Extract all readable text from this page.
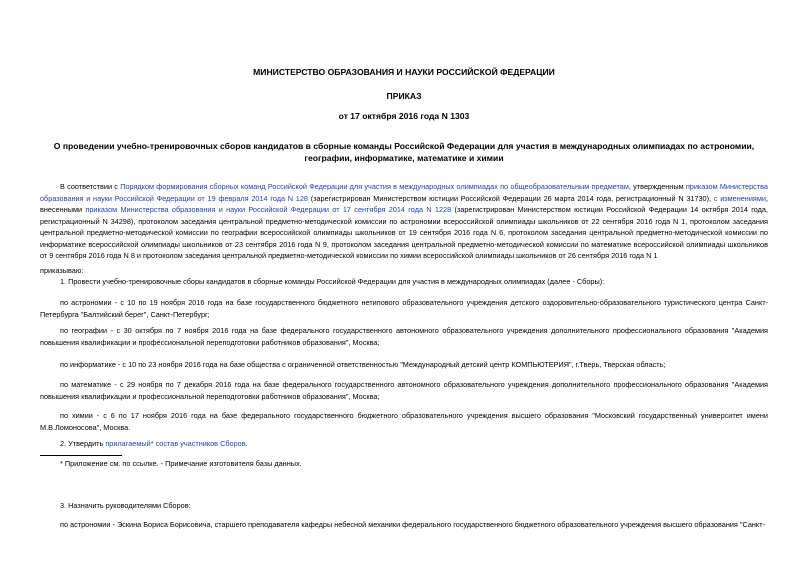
МИНИСТЕРСТВО ОБРАЗОВАНИЯ И НАУКИ РОССИЙСКОЙ ФЕДЕРАЦИИ
ПРИКАЗ
от 17 октября 2016 года N 1303
О проведении учебно-тренировочных сборов кандидатов в сборные команды Российской Федерации для участия в международных олимпиадах по астрономии, географии, информатике, математике и химии
В соответствии с Порядком формирования сборных команд Российской Федерации для участия в международных олимпиадах по общеобразовательным предметам, утвержденным приказом Министерства образования и науки Российской Федерации от 19 февраля 2014 года N 128 (зарегистрирован Министерством юстиции Российской Федерации 26 марта 2014 года, регистрационный N 31730), с изменениями, внесенными приказом Министерства образования и науки Российской Федерации от 17 сентября 2014 года N 1228 (зарегистрирован Министерством юстиции Российской Федерации 14 октября 2014 года, регистрационный N 34298), протоколом заседания центральной предметно-методической комиссии по астрономии всероссийской олимпиады школьников от 22 сентября 2016 года N 1, протоколом заседания центральной предметно-методической комиссии по географии всероссийской олимпиады школьников от 19 сентября 2016 года N 6, протоколом заседания центральной предметно-методической комиссии по информатике всероссийской олимпиады школьников от 23 сентября 2016 года N 9, протоколом заседания центральной предметно-методической комиссии по математике всероссийской олимпиады школьников от 9 сентября 2016 года N 8 и протоколом заседания центральной предметно-методической комиссии по химии всероссийской олимпиады школьников от 26 сентября 2016 года N 1
приказываю:
1. Провести учебно-тренировочные сборы кандидатов в сборные команды Российской Федерации для участия в международных олимпиадах (далее - Сборы):
по астрономии - с 10 по 19 ноября 2016 года на базе государственного бюджетного нетипового образовательного учреждения детского оздоровительно-образовательного туристического центра Санкт-Петербурга "Балтийский берег", Санкт-Петербург;
по географии - с 30 октября по 7 ноября 2016 года на базе федерального государственного автономного образовательного учреждения дополнительного профессионального образования "Академия повышения квалификации и профессиональной переподготовки работников образования", Москва;
по информатике - с 10 по 23 ноября 2016 года на базе общества с ограниченной ответственностью "Международный детский центр КОМПЬЮТЕРИЯ", г.Тверь, Тверская область;
по математике - с 29 ноября по 7 декабря 2016 года на базе федерального государственного автономного образовательного учреждения дополнительного профессионального образования "Академия повышения квалификации и профессиональной переподготовки работников образования", Москва;
по химии - с 6 по 17 ноября 2016 года на базе федерального государственного бюджетного образовательного учреждения высшего образования "Московский государственный университет имени М.В.Ломоносова", Москва.
2. Утвердить прилагаемый* состав участников Сборов.
* Приложение см. по ссылке. - Примечание изготовителя базы данных.
3. Назначить руководителями Сборов:
по астрономии - Эскина Бориса Борисовича, старшего преподавателя кафедры небесной механики федерального государственного бюджетного образовательного учреждения высшего образования "Санкт-
